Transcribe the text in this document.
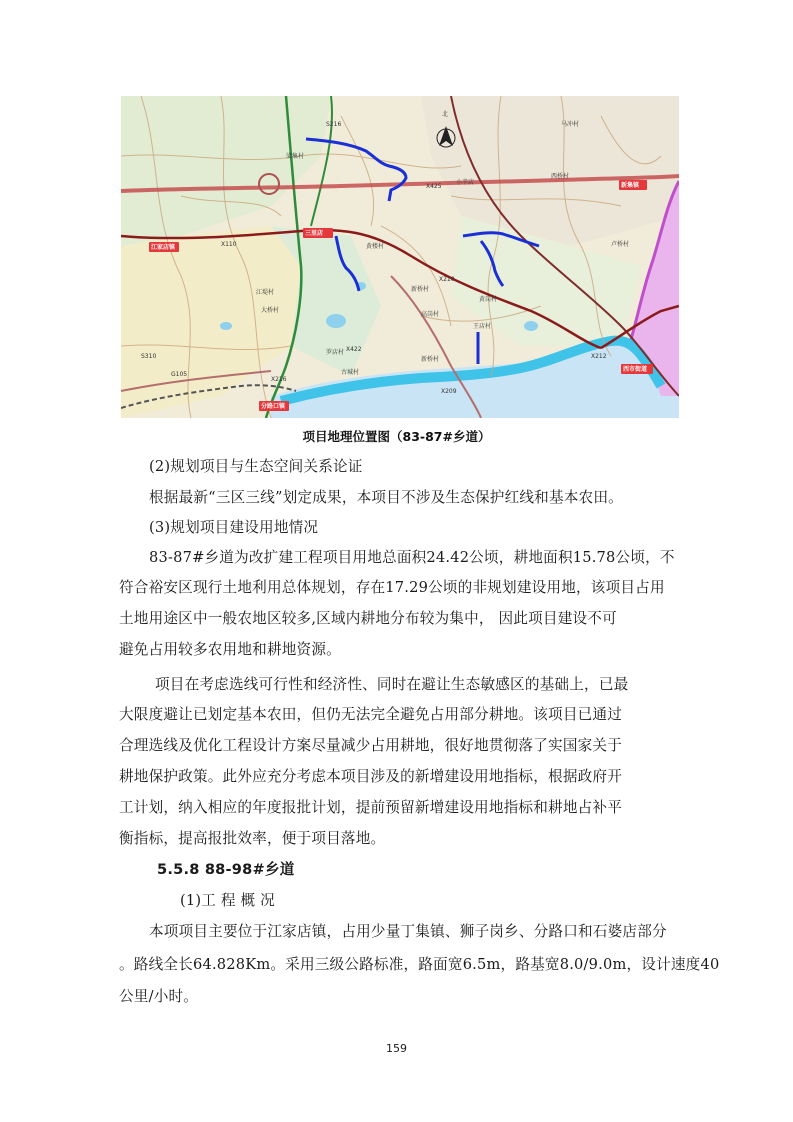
北
江家店镇
三里店
分路口镇
新集镇
西市街道
小辛店
X110
X425
X422
X210
X209
X212
X216
S216
G105
S310
梁集村
黄楼村
江堤村
大桥村
罗店村
高岗村
新桥村
王店村
黄岗村
新桥村
马冲村
西桥村
古城村
卢桥村
项目地理位置图（83-87#乡道）
(2)规划项目与生态空间关系论证
根据最新“三区三线”划定成果，本项目不涉及生态保护红线和基本农田。
(3)规划项目建设用地情况
83-87#乡道为改扩建工程项目用地总面积24.42公顷，耕地面积15.78公顷，不
符合裕安区现行土地利用总体规划，存在17.29公顷的非规划建设用地，该项目占用
土地用途区中一般农地区较多,区域内耕地分布较为集中， 因此项目建设不可
避免占用较多农用地和耕地资源。
项目在考虑选线可行性和经济性、同时在避让生态敏感区的基础上，已最
大限度避让已划定基本农田，但仍无法完全避免占用部分耕地。该项目已通过
合理选线及优化工程设计方案尽量减少占用耕地，很好地贯彻落了实国家关于
耕地保护政策。此外应充分考虑本项目涉及的新增建设用地指标，根据政府开
工计划，纳入相应的年度报批计划，提前预留新增建设用地指标和耕地占补平
衡指标，提高报批效率，便于项目落地。
5.5.8 88-98#乡道
(1)工 程 概 况
本项项目主要位于江家店镇，占用少量丁集镇、狮子岗乡、分路口和石婆店部分
。路线全长64.828Km。采用三级公路标准，路面宽6.5m，路基宽8.0/9.0m，设计速度40
公里/小时。
159
